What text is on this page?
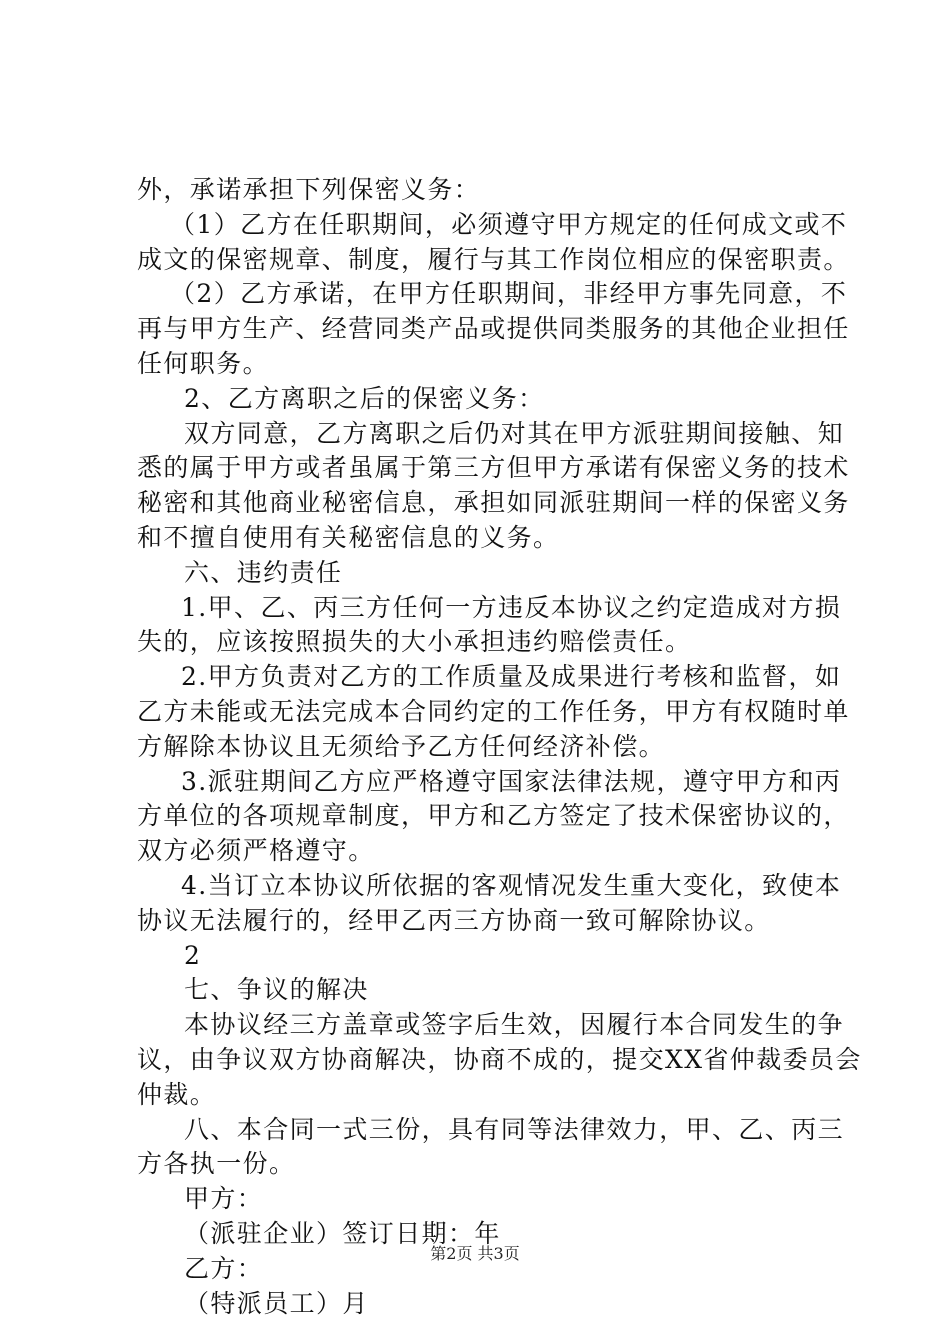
外，承诺承担下列保密义务：
（1）乙方在任职期间，必须遵守甲方规定的任何成文或不
成文的保密规章、制度，履行与其工作岗位相应的保密职责。
（2）乙方承诺，在甲方任职期间，非经甲方事先同意，不
再与甲方生产、经营同类产品或提供同类服务的其他企业担任
任何职务。
2、乙方离职之后的保密义务：
双方同意，乙方离职之后仍对其在甲方派驻期间接触、知
悉的属于甲方或者虽属于第三方但甲方承诺有保密义务的技术
秘密和其他商业秘密信息，承担如同派驻期间一样的保密义务
和不擅自使用有关秘密信息的义务。
六、违约责任
1.甲、乙、丙三方任何一方违反本协议之约定造成对方损
失的，应该按照损失的大小承担违约赔偿责任。
2.甲方负责对乙方的工作质量及成果进行考核和监督，如
乙方未能或无法完成本合同约定的工作任务，甲方有权随时单
方解除本协议且无须给予乙方任何经济补偿。
3.派驻期间乙方应严格遵守国家法律法规，遵守甲方和丙
方单位的各项规章制度，甲方和乙方签定了技术保密协议的，
双方必须严格遵守。
4.当订立本协议所依据的客观情况发生重大变化，致使本
协议无法履行的，经甲乙丙三方协商一致可解除协议。
2
七、争议的解决
本协议经三方盖章或签字后生效，因履行本合同发生的争
议，由争议双方协商解决，协商不成的，提交XX省仲裁委员会
仲裁。
八、本合同一式三份，具有同等法律效力，甲、乙、丙三
方各执一份。
甲方：
（派驻企业）签订日期：年
乙方：
（特派员工）月
第2页 共3页
